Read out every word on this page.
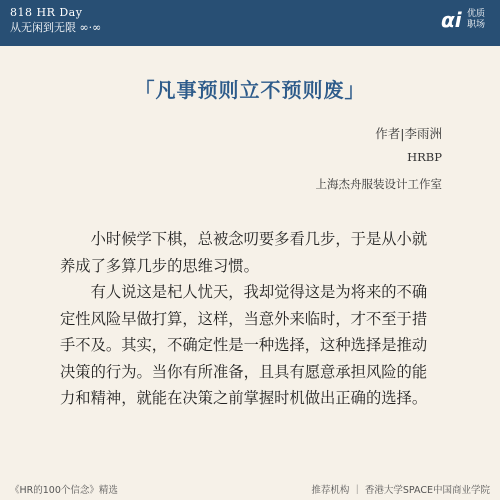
818 HR Day
从无闲到无限 ∞·∞	αi 优质职场
「凡事预则立不预则废」
作者|李雨洲
HRBP
上海杰舟服装设计工作室

小时候学下棋，总被念叨要多看几步，于是从小就养成了多算几步的思维习惯。

有人说这是杞人忧天，我却觉得这是为将来的不确定性风险早做打算，这样，当意外来临时，才不至于措手不及。其实，不确定性是一种选择，这种选择是推动决策的行为。当你有所准备，且具有愿意承担风险的能力和精神，就能在决策之前掌握时机做出正确的选择。

《HR的100个信念》精选	推荐机构 ｜ 香港大学SPACE中国商业学院
